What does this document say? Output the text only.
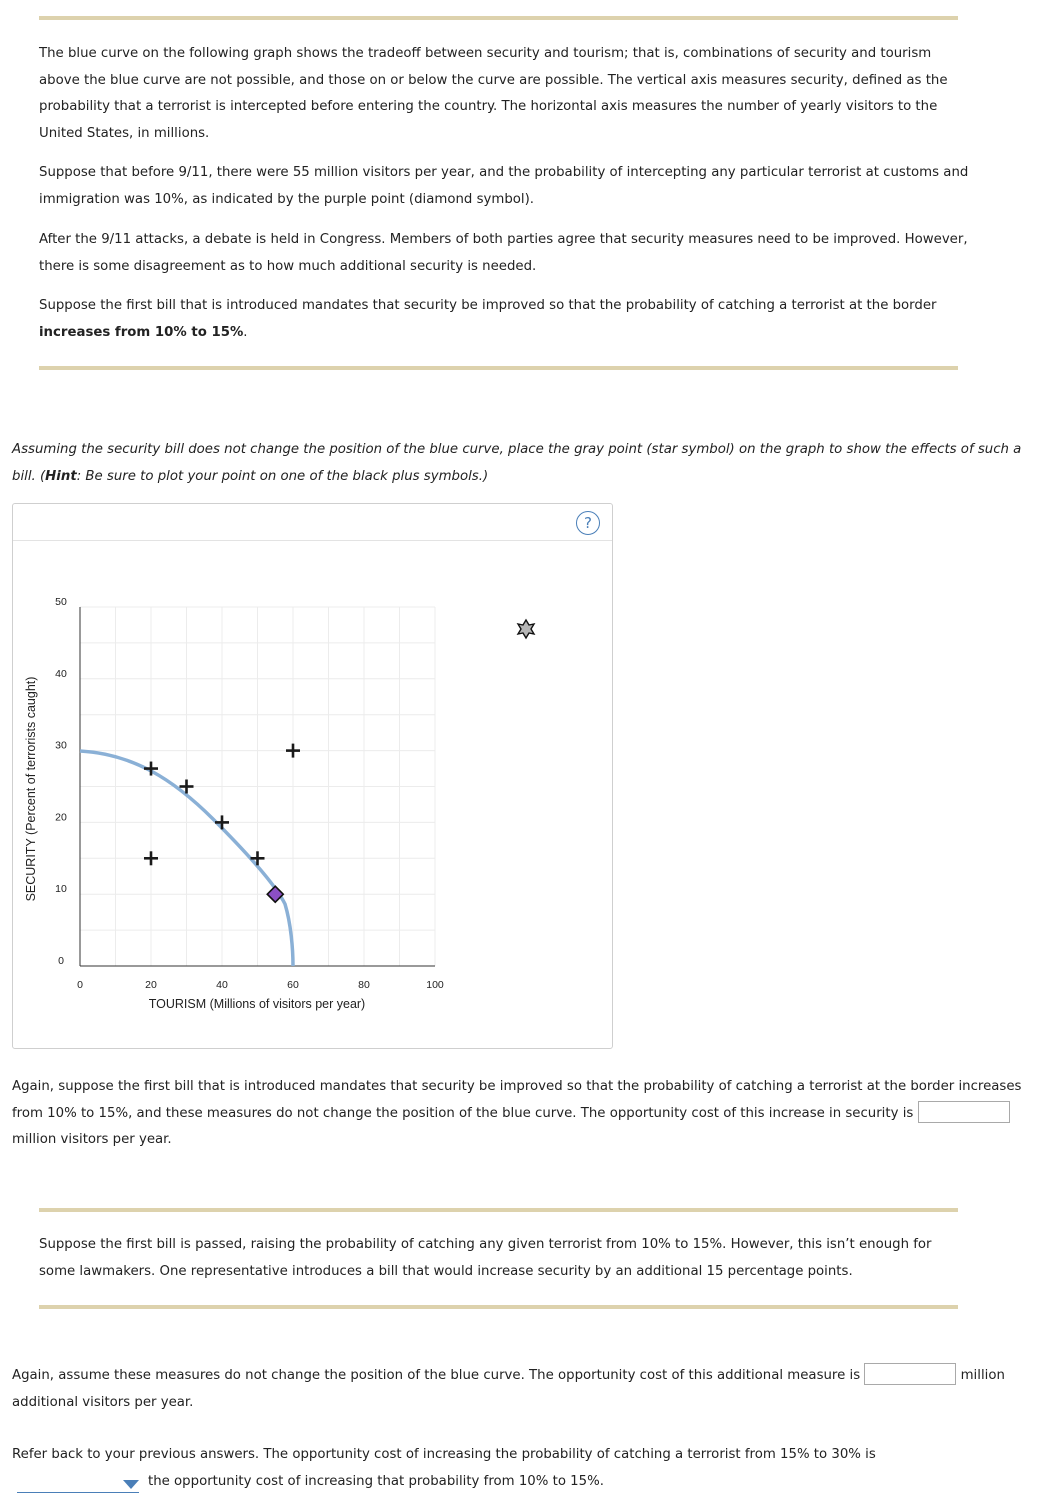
The blue curve on the following graph shows the tradeoff between security and tourism; that is, combinations of security and tourism above the blue curve are not possible, and those on or below the curve are possible. The vertical axis measures security, defined as the probability that a terrorist is intercepted before entering the country. The horizontal axis measures the number of yearly visitors to the United States, in millions.

Suppose that before 9/11, there were 55 million visitors per year, and the probability of intercepting any particular terrorist at customs and immigration was 10%, as indicated by the purple point (diamond symbol).

After the 9/11 attacks, a debate is held in Congress. Members of both parties agree that security measures need to be improved. However, there is some disagreement as to how much additional security is needed.

Suppose the first bill that is introduced mandates that security be improved so that the probability of catching a terrorist at the border increases from 10% to 15%.

Assuming the security bill does not change the position of the blue curve, place the gray point (star symbol) on the graph to show the effects of such a bill. (Hint: Be sure to plot your point on one of the black plus symbols.)

?
0	20	40	60	80	100
0
10
20
30
40
50
TOURISM (Millions of visitors per year)
SECURITY (Percent of terrorists caught)

Again, suppose the first bill that is introduced mandates that security be improved so that the probability of catching a terrorist at the border increases from 10% to 15%, and these measures do not change the position of the blue curve. The opportunity cost of this increase in security is  million visitors per year.

Suppose the first bill is passed, raising the probability of catching any given terrorist from 10% to 15%. However, this isn’t enough for some lawmakers. One representative introduces a bill that would increase security by an additional 15 percentage points.

Again, assume these measures do not change the position of the blue curve. The opportunity cost of this additional measure is	million additional visitors per year.

Refer back to your previous answers. The opportunity cost of increasing the probability of catching a terrorist from 15% to 30% is
the opportunity cost of increasing that probability from 10% to 15%.
